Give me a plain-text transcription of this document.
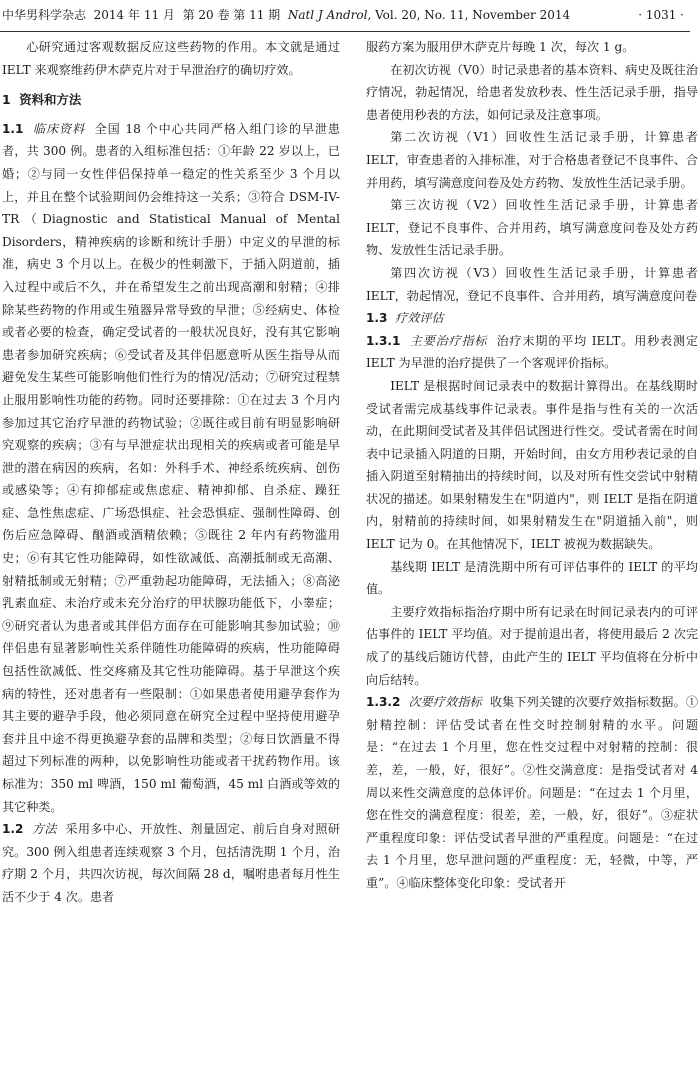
中华男科学杂志 2014 年 11 月 第 20 卷 第 11 期 Natl J Androl, Vol. 20, No. 11, November 2014	· 1031 ·

心研究通过客观数据反应这些药物的作用。本文就是通过 IELT 来观察维药伊木萨克片对于早泄治疗的确切疗效。

1 资料和方法

1.1 临床资料 全国 18 个中心共同严格入组门诊的早泄患者，共 300 例。患者的入组标准包括：①年龄 22 岁以上，已婚；②与同一女性伴侣保持单一稳定的性关系至少 3 个月以上，并且在整个试验期间仍会维持这一关系；③符合 DSM-IV-TR（Diagnostic and Statistical Manual of Mental Disorders，精神疾病的诊断和统计手册）中定义的早泄的标准，病史 3 个月以上。在极少的性刺激下，于插入阴道前，插入过程中或后不久，并在希望发生之前出现高潮和射精；④排除某些药物的作用或生殖器异常导致的早泄；⑤经病史、体检或者必要的检查，确定受试者的一般状况良好，没有其它影响患者参加研究疾病；⑥受试者及其伴侣愿意听从医生指导从而避免发生某些可能影响他们性行为的情况/活动；⑦研究过程禁止服用影响性功能的药物。同时还要排除：①在过去 3 个月内参加过其它治疗早泄的药物试验；②既往或目前有明显影响研究观察的疾病；③有与早泄症状出现相关的疾病或者可能是早泄的潜在病因的疾病，名如：外科手术、神经系统疾病、创伤或感染等；④有抑郁症或焦虑症、精神抑郁、自杀症、躁狂症、急性焦虑症、广场恐惧症、社会恐惧症、强制性障碍、创伤后应急障碍、酗酒或酒精依赖；⑤既往 2 年内有药物滥用史；⑥有其它性功能障碍，如性欲减低、高潮抵制或无高潮、射精抵制或无射精；⑦严重勃起功能障碍，无法插入；⑧高泌乳素血症、未治疗或未充分治疗的甲状腺功能低下，小睾症；⑨研究者认为患者或其伴侣方面存在可能影响其参加试验；⑩伴侣患有显著影响性关系伴随性功能障碍的疾病，性功能障碍包括性欲减低、性交疼痛及其它性功能障碍。基于早泄这个疾病的特性，还对患者有一些限制：①如果患者使用避孕套作为其主要的避孕手段，他必须同意在研究全过程中坚持使用避孕套并且中途不得更换避孕套的品牌和类型；②每日饮酒量不得超过下列标准的两种，以免影响性功能或者干扰药物作用。该标准为：350 ml 啤酒，150 ml 葡萄酒，45 ml 白酒或等效的其它种类。

1.2 方法 采用多中心、开放性、剂量固定、前后自身对照研究。300 例入组患者连续观察 3 个月，包括清洗期 1 个月，治疗期 2 个月，共四次访视，每次间隔 28 d，嘱咐患者每月性生活不少于 4 次。患者

服药方案为服用伊木萨克片每晚 1 次，每次 1 g。

在初次访视（V0）时记录患者的基本资料、病史及既往治疗情况，勃起情况，给患者发放秒表、性生活记录手册，指导患者使用秒表的方法，如何记录及注意事项。

第二次访视（V1）回收性生活记录手册，计算患者 IELT，审查患者的入排标准，对于合格患者登记不良事件、合并用药，填写满意度问卷及处方药物、发放性生活记录手册。

第三次访视（V2）回收性生活记录手册，计算患者 IELT，登记不良事件、合并用药，填写满意度问卷及处方药物、发放性生活记录手册。

第四次访视（V3）回收性生活记录手册，计算患者 IELT，勃起情况，登记不良事件、合并用药，填写满意度问卷

1.3 疗效评估

1.3.1 主要治疗指标 治疗末期的平均 IELT。用秒表测定 IELT 为早泄的治疗提供了一个客观评价指标。

IELT 是根据时间记录表中的数据计算得出。在基线期时受试者需完成基线事件记录表。事件是指与性有关的一次活动，在此期间受试者及其伴侣试图进行性交。受试者需在时间表中记录插入阴道的日期，开始时间，由女方用秒表记录的自插入阴道至射精抽出的持续时间，以及对所有性交尝试中射精状况的描述。如果射精发生在"阴道内"，则 IELT 是指在阴道内，射精前的持续时间，如果射精发生在"阴道插入前"，则 IELT 记为 0。在其他情况下，IELT 被视为数据缺失。

基线期 IELT 是清洗期中所有可评估事件的 IELT 的平均值。

主要疗效指标指治疗期中所有记录在时间记录表内的可评估事件的 IELT 平均值。对于提前退出者，将使用最后 2 次完成了的基线后随访代替，由此产生的 IELT 平均值将在分析中向后结转。

1.3.2 次要疗效指标 收集下列关键的次要疗效指标数据。①射精控制：评估受试者在性交时控制射精的水平。问题是：“在过去 1 个月里，您在性交过程中对射精的控制：很差，差，一般，好，很好”。②性交满意度：是指受试者对 4 周以来性交满意度的总体评价。问题是：“在过去 1 个月里，您在性交的满意程度：很差，差，一般，好，很好”。③症状严重程度印象：评估受试者早泄的严重程度。问题是：“在过去 1 个月里，您早泄问题的严重程度：无，轻微，中等，严重”。④临床整体变化印象：受试者开
